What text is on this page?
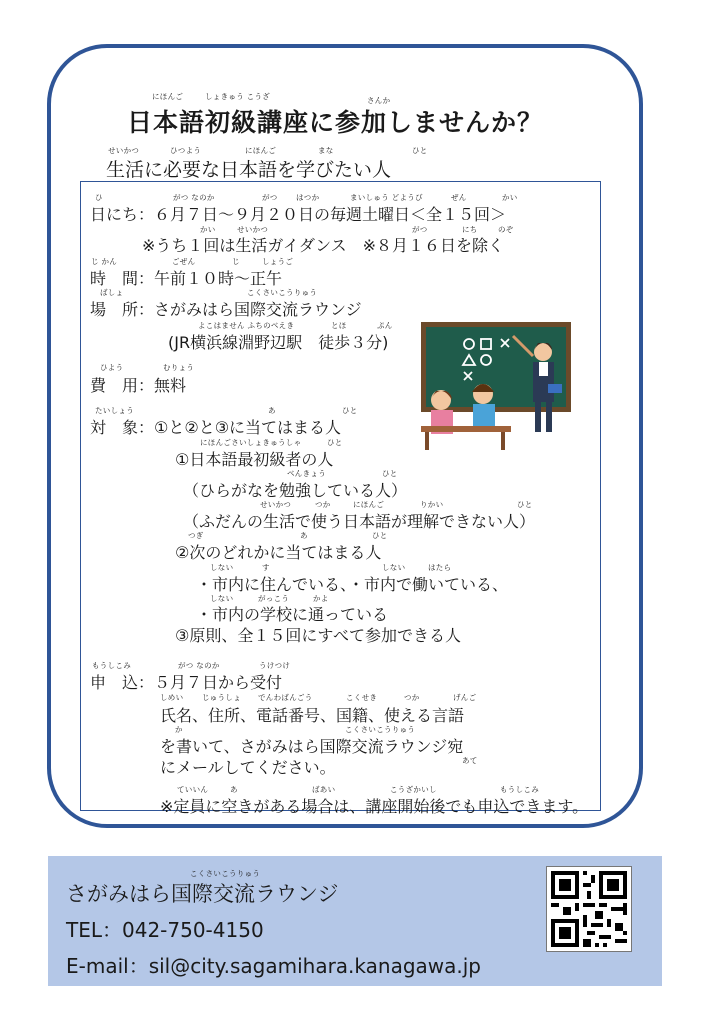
にほんご	しょきゅう こうざ	さんか
日本語初級講座に参加しませんか？
せいかつ	ひつよう	にほんご	まな	ひと
生活に必要な日本語を学びたい人
ひ	がつ なのか	がつ はつか	まいしゅう どようび	ぜん	かい
日にち：６月７日～９月２０日の毎週土曜日＜全１５回＞
かい	せいかつ	がつ	にち	のぞ
※うち１回は生活ガイダンス　※８月１６日を除く
じ かん	ごぜん	じ	しょうご
時　間：午前１０時～正午
ばしょ	こくさいこうりゅう
場　所：さがみはら国際交流ラウンジ
よこはません ふちのべえき	とほ	ぷん
(JR横浜線淵野辺駅　徒歩３分)
ひよう	むりょう
費　用：無料
たいしょう	あ	ひと
対　象：①と②と③に当てはまる人
にほんごさいしょきゅうしゃ	ひと
①日本語最初級者の人
べんきょう	ひと
（ひらがなを勉強している人）
せいかつ	つか	にほんご	りかい	ひと
（ふだんの生活で使う日本語が理解できない人）
つぎ	あ	ひと
②次のどれかに当てはまる人
しない	す	しない	はたら
・市内に住んでいる、・市内で働いている、
しない	がっこう	かよ
・市内の学校に通っている
③原則、全１５回にすべて参加できる人
もうしこみ	がつ なのか	うけつけ
申　込：５月７日から受付
しめい じゅうしょ でんわばんごう	こくせき	つか	げんご
氏名、住所、電話番号、国籍、使える言語
か	こくさいこうりゅう
を書いて、さがみはら国際交流ラウンジ宛
あて
にメールしてください。
ていいん	あ	ばあい	こうざかいし	もうしこみ
※定員に空きがある場合は、講座開始後でも申込できます。
こくさいこうりゅう
さがみはら国際交流ラウンジ
TEL：042-750-4150
E-mail：sil@city.sagamihara.kanagawa.jp
